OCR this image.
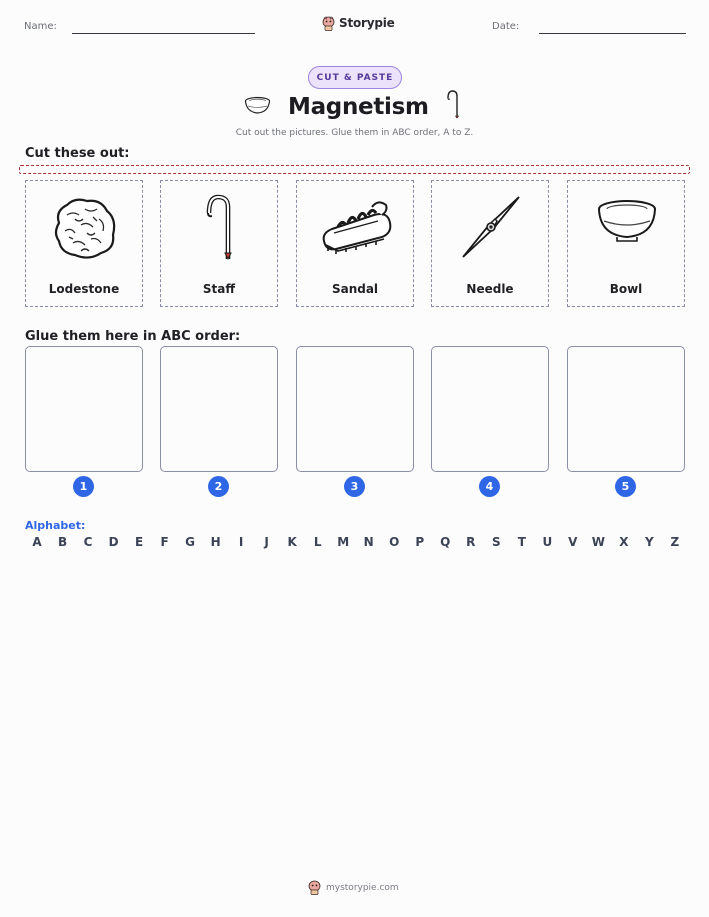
Name:	Storypie	Date:
CUT & PASTE
Magnetism
Cut out the pictures. Glue them in ABC order, A to Z.
Cut these out:
Lodestone	Staff	Sandal	Needle	Bowl
Glue them here in ABC order:
1	2	3	4	5
Alphabet:
A	B	C	D	E	F	G	H	I	J	K	L	M	N	O	P	Q	R	S	T	U	V	W	X	Y	Z
mystorypie.com
